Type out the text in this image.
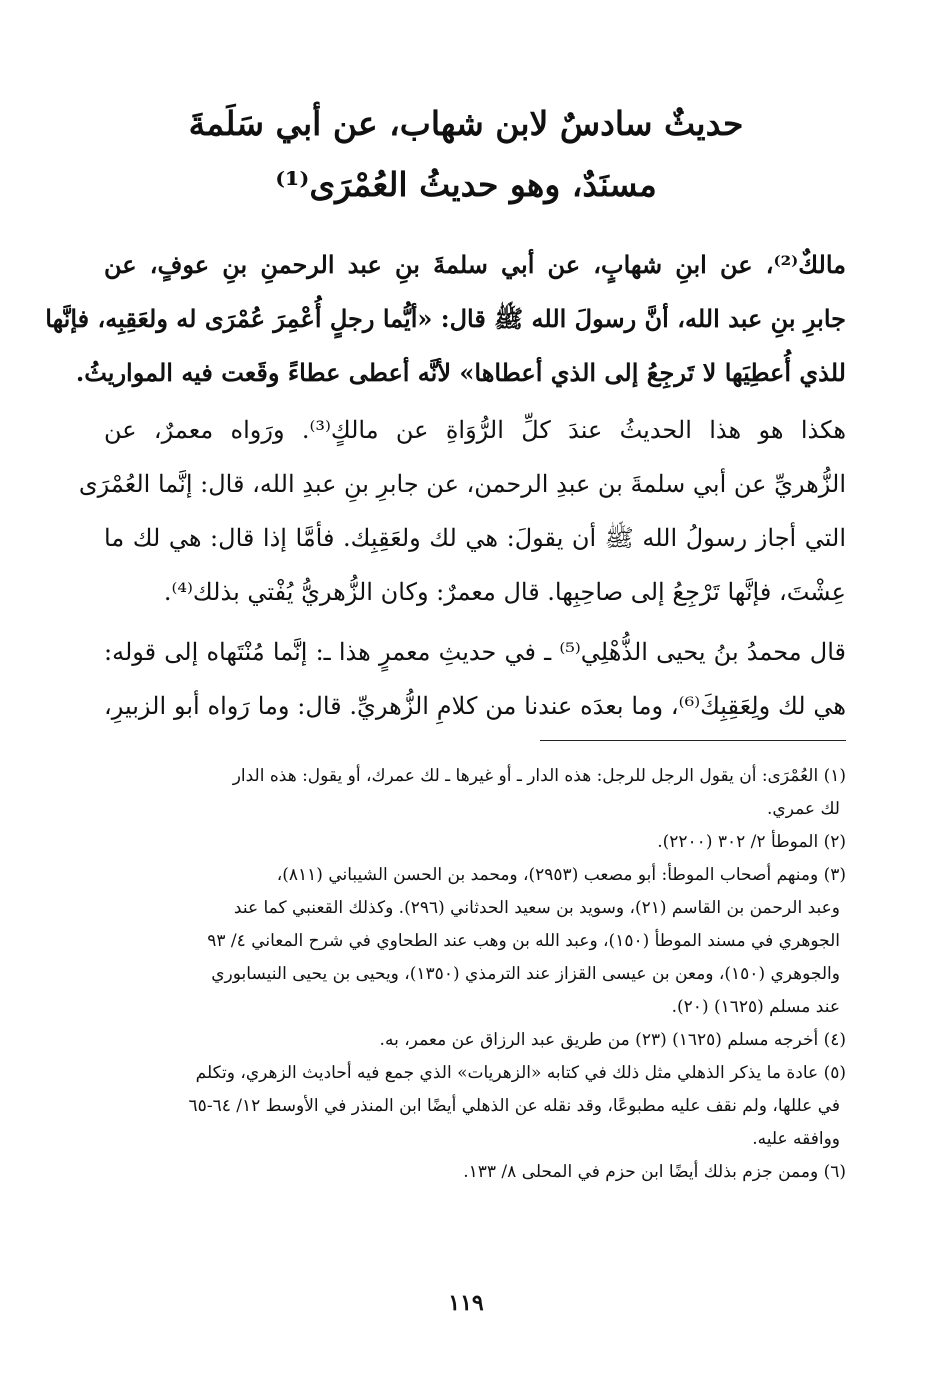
حديثٌ سادسٌ لابن شهاب، عن أبي سَلَمةَ
مسنَدٌ، وهو حديثُ العُمْرَى⁽¹⁾
مالكٌ⁽²⁾، عن ابنِ شهابٍ، عن أبي سلمةَ بنِ عبد الرحمنِ بنِ عوفٍ، عن
جابرِ بنِ عبد الله، أنَّ رسولَ الله ﷺ قال: «أيُّما رجلٍ أُعْمِرَ عُمْرَى له ولعَقِبِه، فإنَّها
للذي أُعطِيَها لا تَرجِعُ إلى الذي أعطاها» لأنَّه أعطى عطاءً وقَعت فيه المواريثُ.
هكذا هو هذا الحديثُ عندَ كلِّ الرُّوَاةِ عن مالكٍ⁽³⁾. ورَواه معمرٌ، عن
الزُّهريِّ عن أبي سلمةَ بن عبدِ الرحمن، عن جابرِ بنِ عبدِ الله، قال: إنَّما العُمْرَى
التي أجاز رسولُ الله ﷺ أن يقولَ: هي لك ولعَقِبِك. فأمَّا إذا قال: هي لك ما
عِشْتَ، فإنَّها تَرْجِعُ إلى صاحِبِها. قال معمرٌ: وكان الزُّهريُّ يُفْتي بذلك⁽⁴⁾.
قال محمدُ بنُ يحيى الذُّهْلِي⁽⁵⁾ ـ في حديثِ معمرٍ هذا ـ: إنَّما مُنْتَهاه إلى قوله:
هي لك ولِعَقِبِكَ⁽⁶⁾، وما بعدَه عندنا من كلامِ الزُّهريِّ. قال: وما رَواه أبو الزبيرِ،
(١) العُمْرَى: أن يقول الرجل للرجل: هذه الدار ـ أو غيرها ـ لك عمرك، أو يقول: هذه الدار
لك عمري.
(٢) الموطأ ٢/ ٣٠٢ (٢٢٠٠).
(٣) ومنهم أصحاب الموطأ: أبو مصعب (٢٩٥٣)، ومحمد بن الحسن الشيباني (٨١١)،
وعبد الرحمن بن القاسم (٢١)، وسويد بن سعيد الحدثاني (٢٩٦). وكذلك القعنبي كما عند
الجوهري في مسند الموطأ (١٥٠)، وعبد الله بن وهب عند الطحاوي في شرح المعاني ٤/ ٩٣
والجوهري (١٥٠)، ومعن بن عيسى القزاز عند الترمذي (١٣٥٠)، ويحيى بن يحيى النيسابوري
عند مسلم (١٦٢٥) (٢٠).
(٤) أخرجه مسلم (١٦٢٥) (٢٣) من طريق عبد الرزاق عن معمر، به.
(٥) عادة ما يذكر الذهلي مثل ذلك في كتابه «الزهريات» الذي جمع فيه أحاديث الزهري، وتكلم
في عللها، ولم نقف عليه مطبوعًا، وقد نقله عن الذهلي أيضًا ابن المنذر في الأوسط ١٢/ ٦٤-٦٥
ووافقه عليه.
(٦) وممن جزم بذلك أيضًا ابن حزم في المحلى ٨/ ١٣٣.
١١٩
